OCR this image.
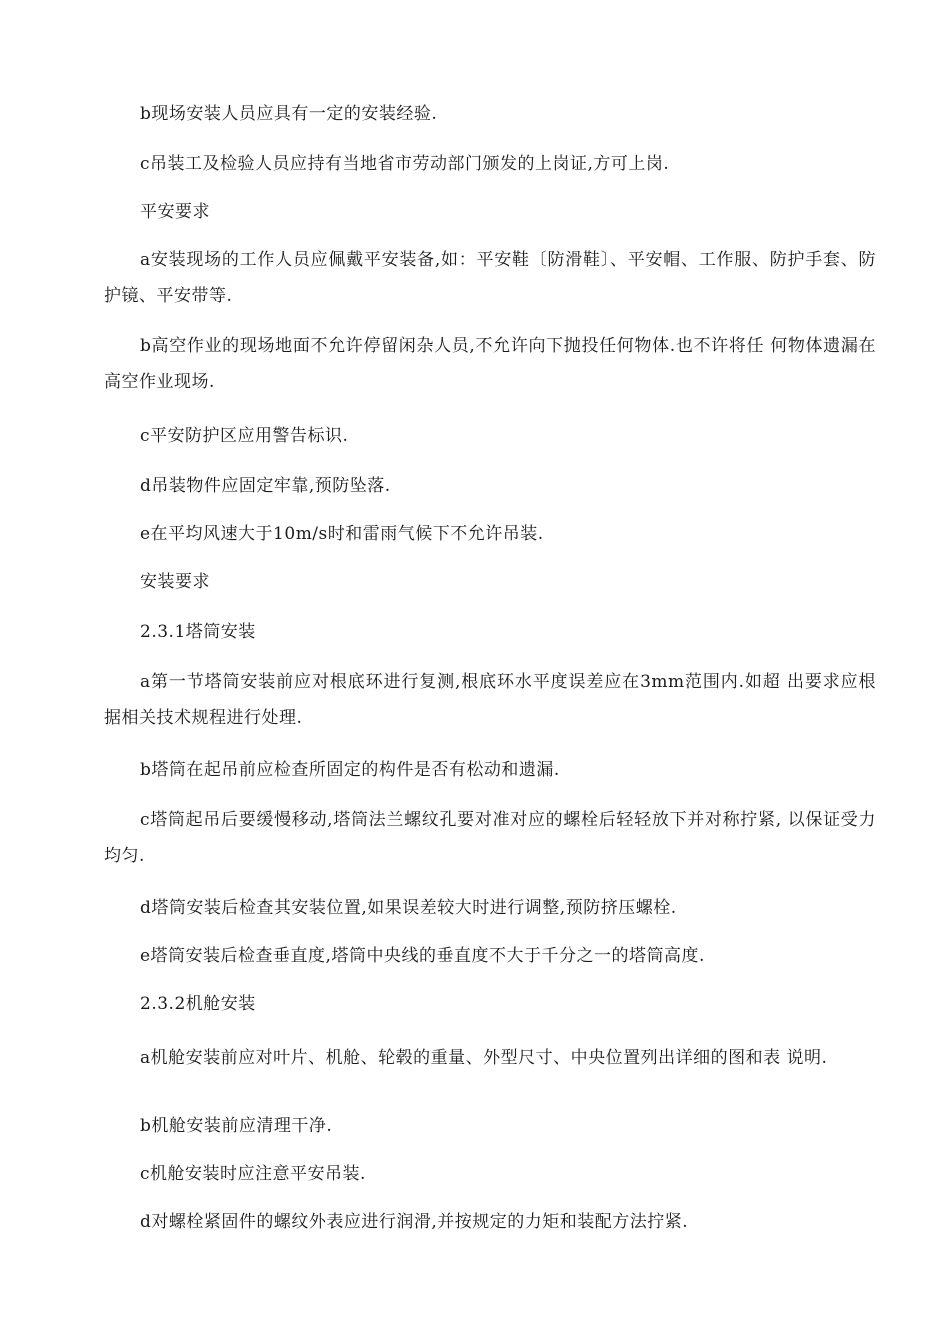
b现场安装人员应具有一定的安装经验.

c吊装工及检验人员应持有当地省市劳动部门颁发的上岗证,方可上岗.

平安要求

a安装现场的工作人员应佩戴平安装备,如：平安鞋〔防滑鞋〕、平安帽、工作服、防护手套、防护镜、平安带等.

b高空作业的现场地面不允许停留闲杂人员,不允许向下抛投任何物体.也不许将任 何物体遗漏在高空作业现场.

c平安防护区应用警告标识.

d吊装物件应固定牢靠,预防坠落.

e在平均风速大于10m/s时和雷雨气候下不允许吊装.

安装要求

2.3.1塔筒安装

a第一节塔筒安装前应对根底环进行复测,根底环水平度误差应在3mm范围内.如超 出要求应根据相关技术规程进行处理.

b塔筒在起吊前应检查所固定的构件是否有松动和遗漏.

c塔筒起吊后要缓慢移动,塔筒法兰螺纹孔要对准对应的螺栓后轻轻放下并对称拧紧, 以保证受力均匀.

d塔筒安装后检查其安装位置,如果误差较大时进行调整,预防挤压螺栓.

e塔筒安装后检查垂直度,塔筒中央线的垂直度不大于千分之一的塔筒高度.

2.3.2机舱安装

a机舱安装前应对叶片、机舱、轮毂的重量、外型尺寸、中央位置列出详细的图和表 说明.

b机舱安装前应清理干净.

c机舱安装时应注意平安吊装.

d对螺栓紧固件的螺纹外表应进行润滑,并按规定的力矩和装配方法拧紧.
